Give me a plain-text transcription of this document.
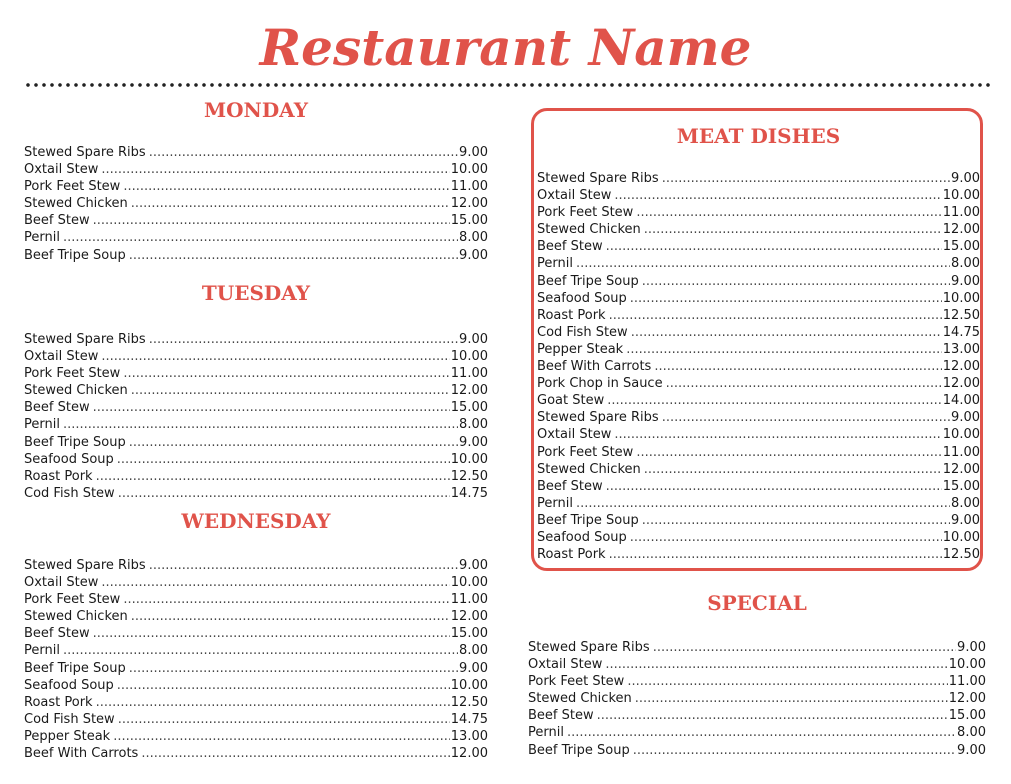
Restaurant Name
MONDAY
Stewed Spare Ribs .....	9.00
Oxtail Stew .....	10.00
Pork Feet Stew .....	11.00
Stewed Chicken .....	12.00
Beef Stew .....	15.00
Pernil .....	8.00
Beef Tripe Soup .....	9.00
TUESDAY
Stewed Spare Ribs .....	9.00
Oxtail Stew .....	10.00
Pork Feet Stew .....	11.00
Stewed Chicken .....	12.00
Beef Stew .....	15.00
Pernil .....	8.00
Beef Tripe Soup .....	9.00
Seafood Soup .....	10.00
Roast Pork .....	12.50
Cod Fish Stew .....	14.75
WEDNESDAY
Stewed Spare Ribs .....	9.00
Oxtail Stew .....	10.00
Pork Feet Stew .....	11.00
Stewed Chicken .....	12.00
Beef Stew .....	15.00
Pernil .....	8.00
Beef Tripe Soup .....	9.00
Seafood Soup .....	10.00
Roast Pork .....	12.50
Cod Fish Stew .....	14.75
Pepper Steak .....	13.00
Beef With Carrots .....	12.00
MEAT DISHES
Stewed Spare Ribs .....	9.00
Oxtail Stew .....	10.00
Pork Feet Stew .....	11.00
Stewed Chicken .....	12.00
Beef Stew .....	15.00
Pernil .....	8.00
Beef Tripe Soup .....	9.00
Seafood Soup .....	10.00
Roast Pork .....	12.50
Cod Fish Stew .....	14.75
Pepper Steak .....	13.00
Beef With Carrots .....	12.00
Pork Chop in Sauce .....	12.00
Goat Stew .....	14.00
Stewed Spare Ribs .....	9.00
Oxtail Stew .....	10.00
Pork Feet Stew .....	11.00
Stewed Chicken .....	12.00
Beef Stew .....	15.00
Pernil .....	8.00
Beef Tripe Soup .....	9.00
Seafood Soup .....	10.00
Roast Pork .....	12.50
SPECIAL
Stewed Spare Ribs .....	9.00
Oxtail Stew .....	10.00
Pork Feet Stew .....	11.00
Stewed Chicken .....	12.00
Beef Stew .....	15.00
Pernil .....	8.00
Beef Tripe Soup .....	9.00
